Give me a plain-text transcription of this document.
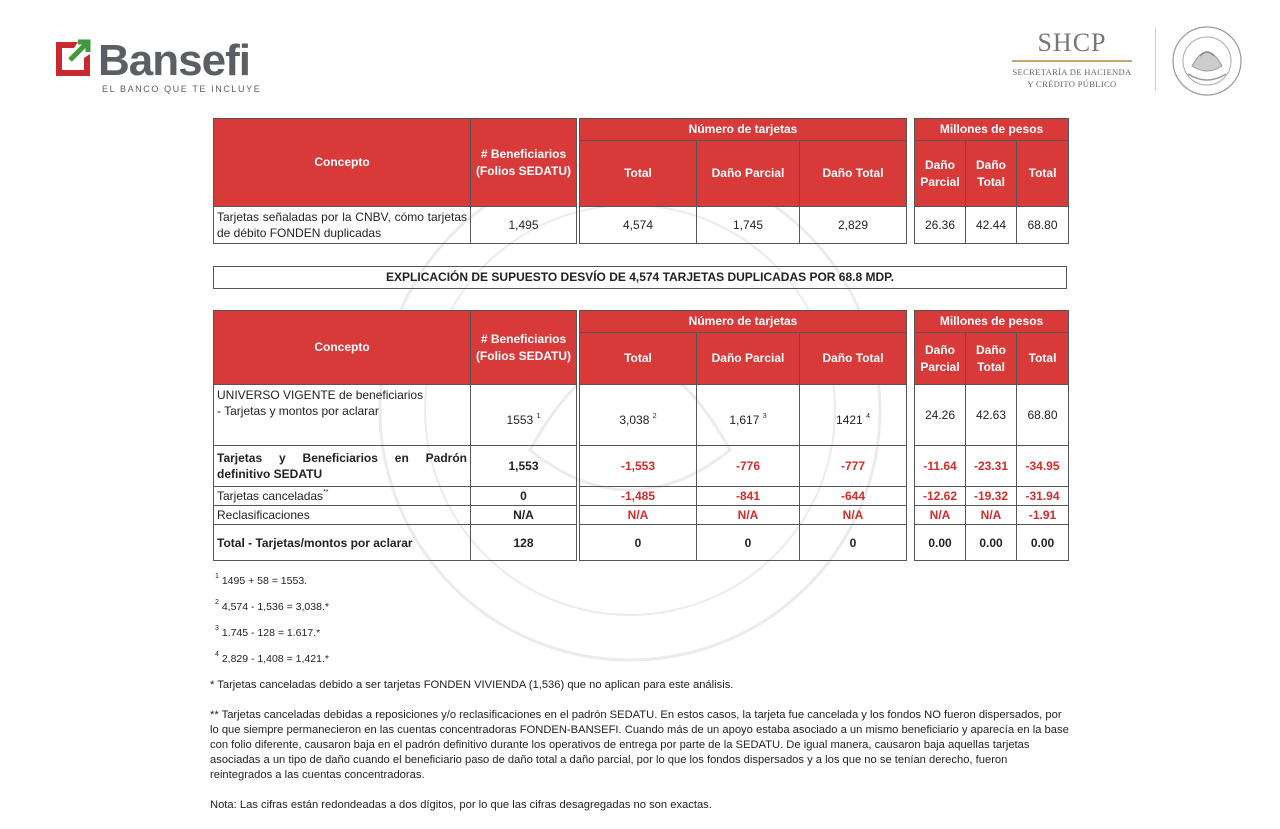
Bansefi
EL BANCO QUE TE INCLUYE
SHCP
SECRETARÍA DE HACIENDA
Y CRÉDITO PÚBLICO
Concepto	# Beneficiarios (Folios SEDATU)		Número de tarjetas				Millones de pesos		
			Total	Daño Parcial	Daño Total		Daño Parcial	Daño Total	Total
Tarjetas señaladas por la CNBV, cómo tarjetas de débito FONDEN duplicadas	1,495		4,574	1,745	2,829		26.36	42.44	68.80
EXPLICACIÓN DE SUPUESTO DESVÍO DE 4,574 TARJETAS DUPLICADAS POR 68.8 MDP.
Concepto	# Beneficiarios (Folios SEDATU)		Número de tarjetas				Millones de pesos		
			Total	Daño Parcial	Daño Total		Daño Parcial	Daño Total	Total

UNIVERSO VIGENTE de beneficiarios
- Tarjetas y montos por aclarar	1553 $^1$		3,038 $^2$	1,617 $^3$	1421 $^4$		24.26	42.63	68.80
Tarjetas y Beneficiarios en Padrón definitivo SEDATU	1,553		-1,553	-776	-777		-11.64	-23.31	-34.95
Tarjetas canceladas**	0		-1,485	-841	-644		-12.62	-19.32	-31.94
Reclasificaciones	N/A		N/A	N/A	N/A		N/A	N/A	-1.91
Total - Tarjetas/montos por aclarar	128		0	0	0		0.00	0.00	0.00
$^1$ 1495 + 58 = 1553.
$^2$ 4,574 - 1,536 = 3,038.*
$^3$ 1.745 - 128 = 1.617.*
$^4$ 2,829 - 1,408 = 1,421.*
* Tarjetas canceladas debido a ser tarjetas FONDEN VIVIENDA (1,536) que no aplican para este análisis.
** Tarjetas canceladas debidas a reposiciones y/o reclasificaciones en el padrón SEDATU. En estos casos, la tarjeta fue cancelada y los fondos NO fueron dispersados, por lo que siempre permanecieron en las cuentas concentradoras FONDEN-BANSEFI. Cuando más de un apoyo estaba asociado a un mismo beneficiario y aparecía en la base con folio diferente, causaron baja en el padrón definitivo durante los operativos de entrega por parte de la SEDATU. De igual manera, causaron baja aquellas tarjetas asociadas a un tipo de daño cuando el beneficiario paso de daño total a daño parcial, por lo que los fondos dispersados y a los que no se tenían derecho, fueron reintegrados a las cuentas concentradoras.
Nota: Las cifras están redondeadas a dos dígitos, por lo que las cifras desagregadas no son exactas.
